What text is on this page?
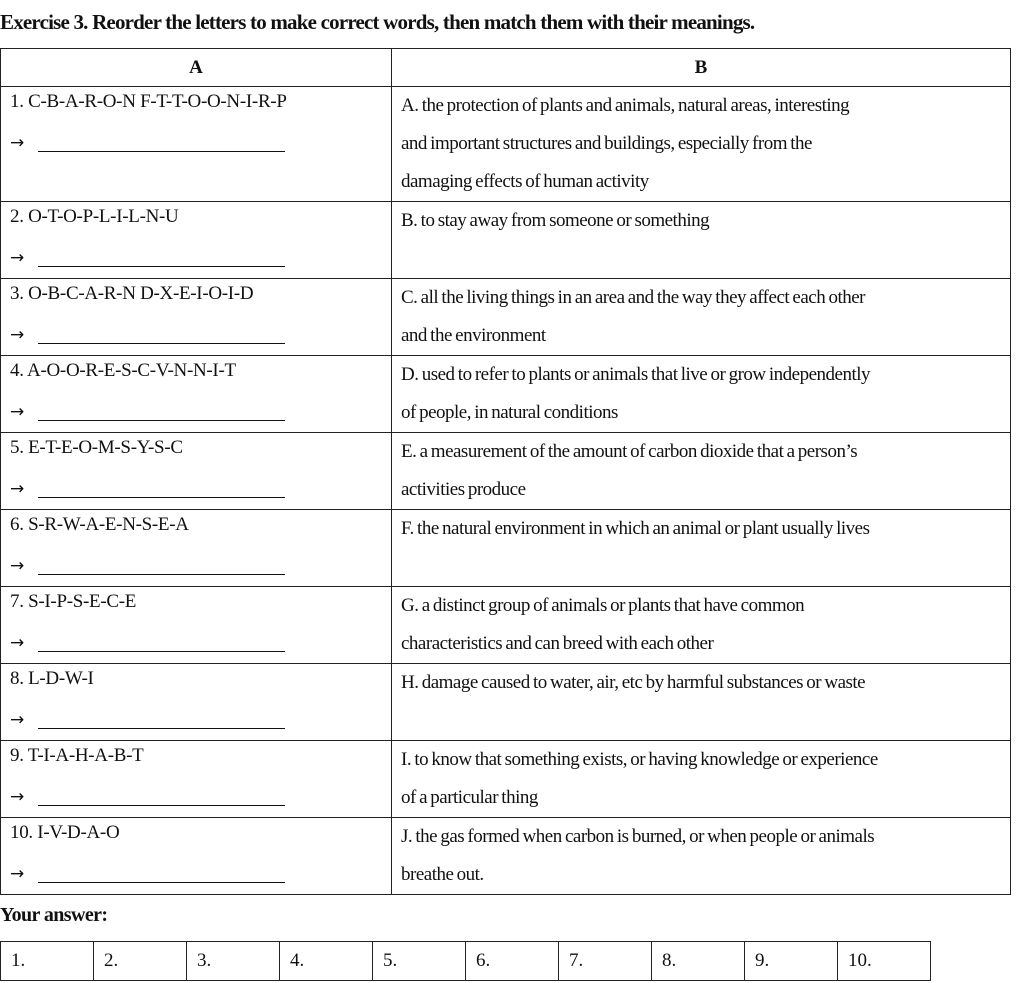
Exercise 3. Reorder the letters to make correct words, then match them with their meanings.
A	B

1. C-B-A-R-O-N F-T-T-O-O-N-I-R-P
→	A. the protection of plants and animals, natural areas, interesting
and important structures and buildings, especially from the
damaging effects of human activity

2. O-T-O-P-L-I-L-N-U
→	B. to stay away from someone or something

3. O-B-C-A-R-N D-X-E-I-O-I-D
→	C. all the living things in an area and the way they affect each other
and the environment

4. A-O-O-R-E-S-C-V-N-N-I-T
→	D. used to refer to plants or animals that live or grow independently
of people, in natural conditions

5. E-T-E-O-M-S-Y-S-C
→	E. a measurement of the amount of carbon dioxide that a person’s
activities produce

6. S-R-W-A-E-N-S-E-A
→	F. the natural environment in which an animal or plant usually lives

7. S-I-P-S-E-C-E
→	G. a distinct group of animals or plants that have common
characteristics and can breed with each other

8. L-D-W-I
→	H. damage caused to water, air, etc by harmful substances or waste

9. T-I-A-H-A-B-T
→	I. to know that something exists, or having knowledge or experience
of a particular thing

10. I-V-D-A-O
→	J. the gas formed when carbon is burned, or when people or animals
breathe out.
Your answer:
1.	2.	3.	4.	5.	6.	7.	8.	9.	10.
